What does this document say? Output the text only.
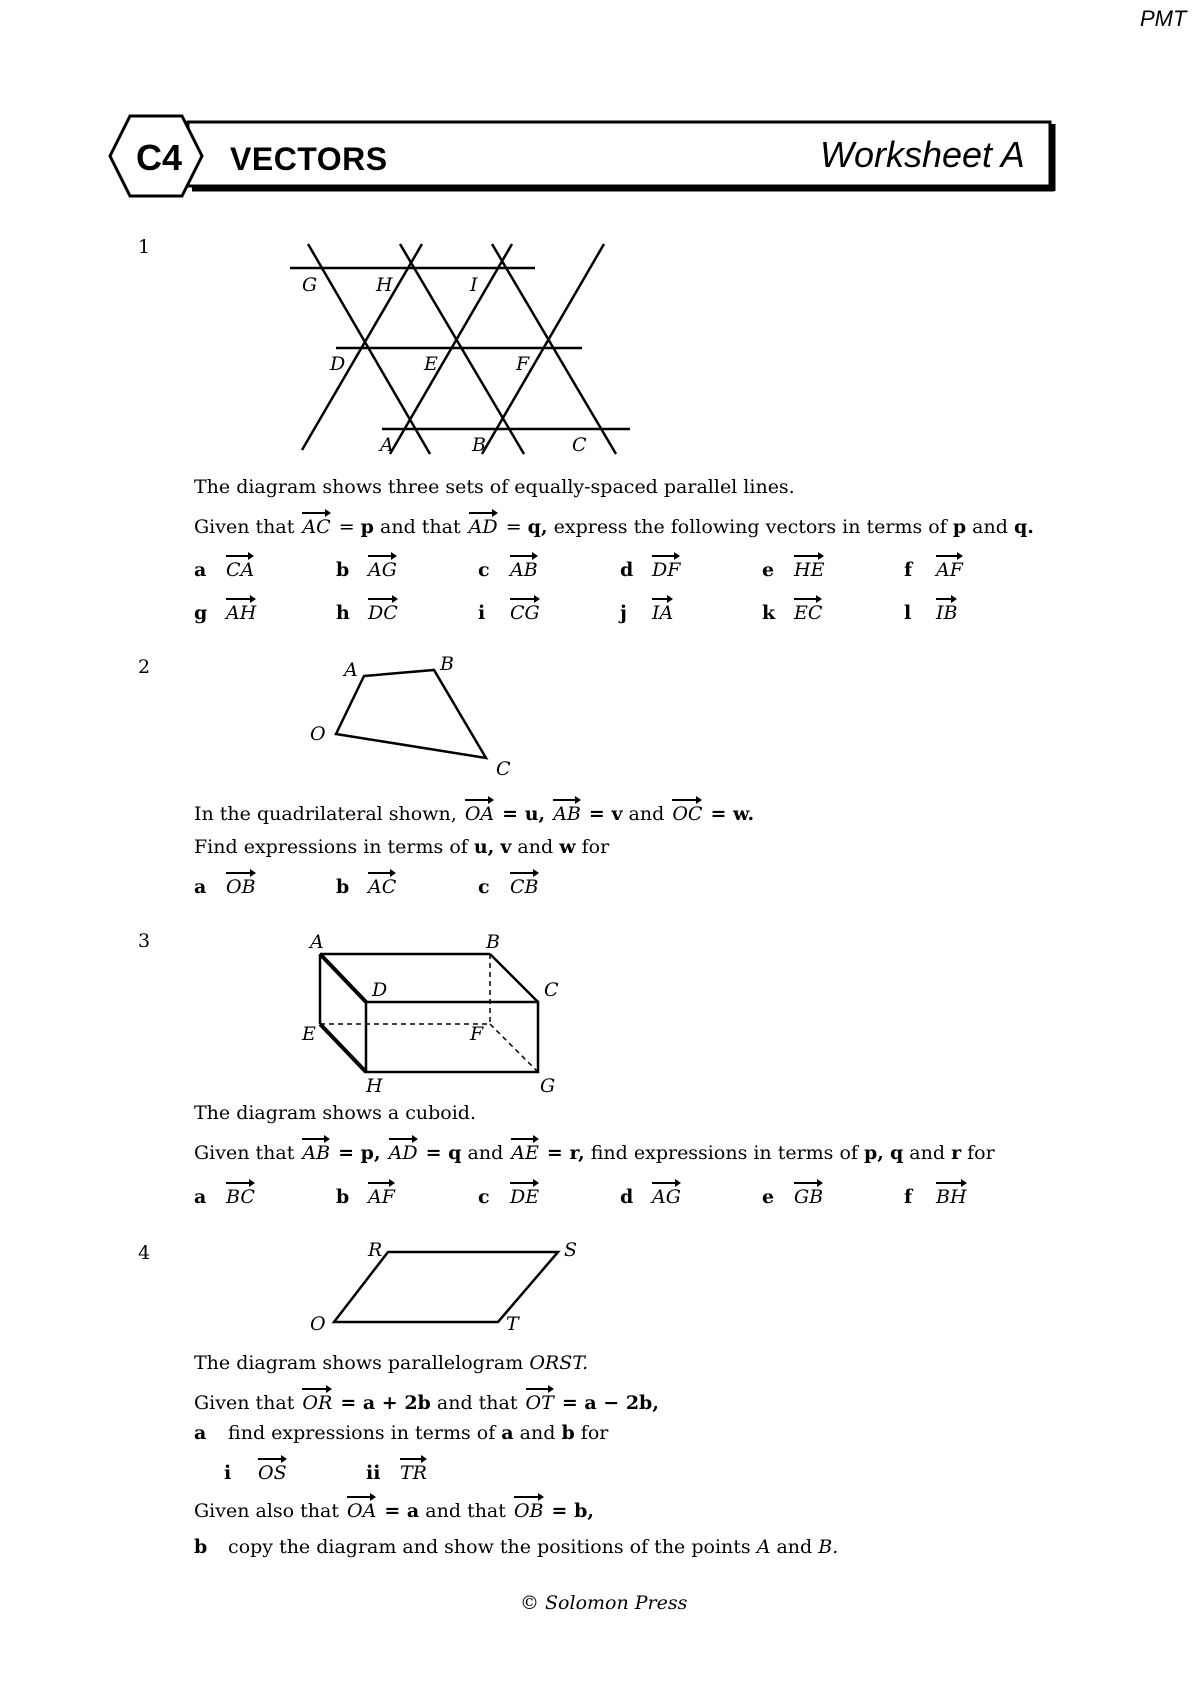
PMT
C4 VECTORS	Worksheet A
1
G	H	I
D	E	F
A	B	C
The diagram shows three sets of equally-spaced parallel lines.
Given that AC = p and that AD = q, express the following vectors in terms of p and q.
a CA	b AG	c AB	d DF	e HE	f AF
g AH	h DC	i CG	j IA	k EC	l IB
2	A	B
O
C
In the quadrilateral shown, OA = u, AB = v and OC = w.
Find expressions in terms of u, v and w for
a OB	b AC	c CB
3	A	B
D	C
E	F
H	G
The diagram shows a cuboid.
Given that AB = p, AD = q and AE = r, find expressions in terms of p, q and r for
a BC	b AF	c DE	d AG	e GB	f BH
4	R	S
O	T
The diagram shows parallelogram ORST.
Given that OR = a + 2b and that OT = a − 2b,
a find expressions in terms of a and b for
i OS	ii TR
Given also that OA = a and that OB = b,
b copy the diagram and show the positions of the points A and B.
© Solomon Press
